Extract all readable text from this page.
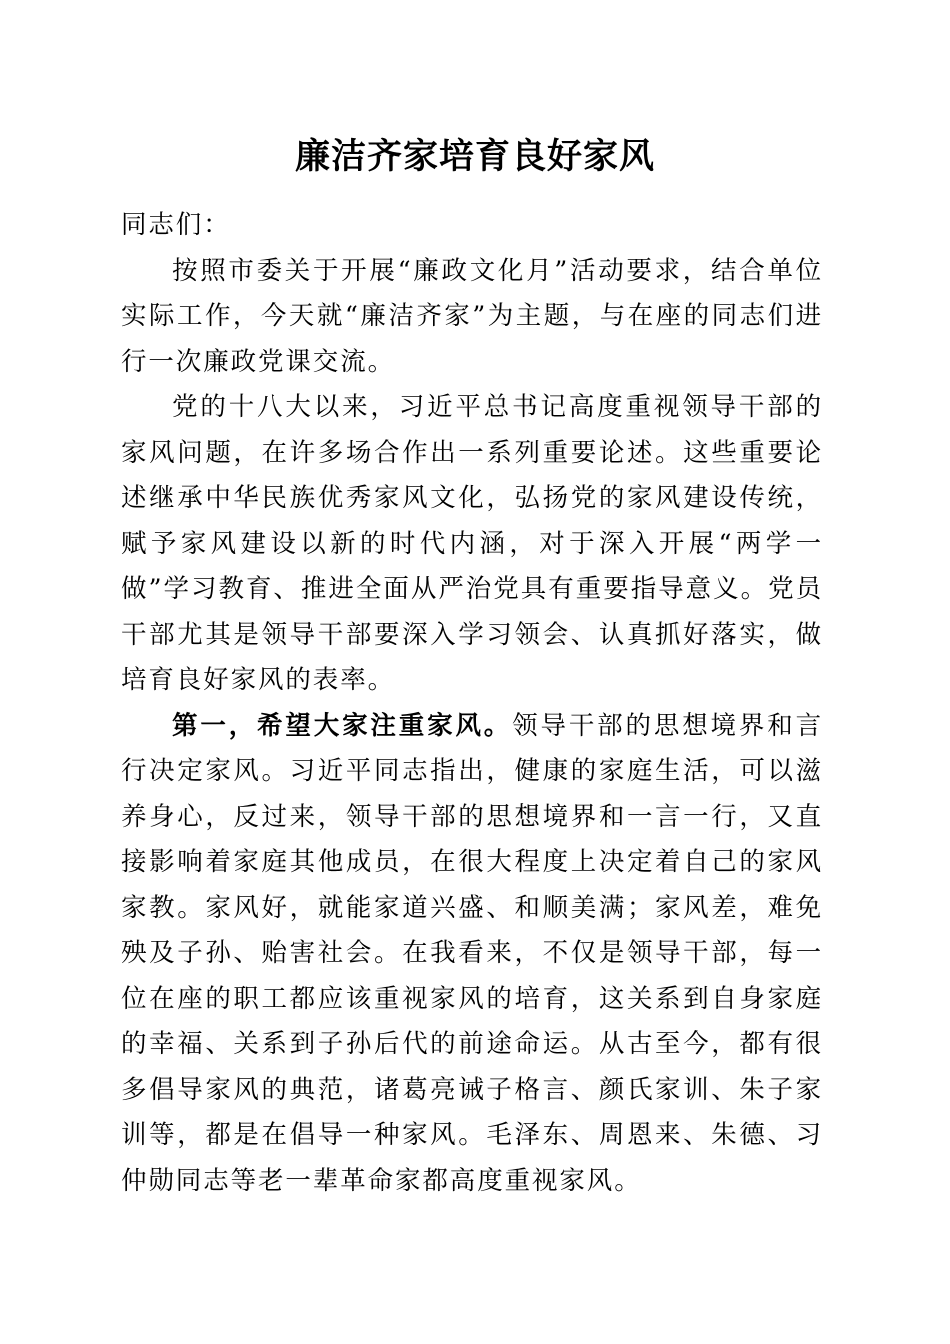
廉洁齐家培育良好家风

同志们：

按照市委关于开展“廉政文化月”活动要求，结合单位实际工作，今天就“廉洁齐家”为主题，与在座的同志们进行一次廉政党课交流。

党的十八大以来，习近平总书记高度重视领导干部的家风问题，在许多场合作出一系列重要论述。这些重要论述继承中华民族优秀家风文化，弘扬党的家风建设传统，赋予家风建设以新的时代内涵，对于深入开展“两学一做”学习教育、推进全面从严治党具有重要指导意义。党员干部尤其是领导干部要深入学习领会、认真抓好落实，做培育良好家风的表率。

第一，希望大家注重家风。领导干部的思想境界和言行决定家风。习近平同志指出，健康的家庭生活，可以滋养身心，反过来，领导干部的思想境界和一言一行，又直接影响着家庭其他成员，在很大程度上决定着自己的家风家教。家风好，就能家道兴盛、和顺美满；家风差，难免殃及子孙、贻害社会。在我看来，不仅是领导干部，每一位在座的职工都应该重视家风的培育，这关系到自身家庭的幸福、关系到子孙后代的前途命运。从古至今，都有很多倡导家风的典范，诸葛亮诫子格言、颜氏家训、朱子家训等，都是在倡导一种家风。毛泽东、周恩来、朱德、习仲勋同志等老一辈革命家都高度重视家风。
